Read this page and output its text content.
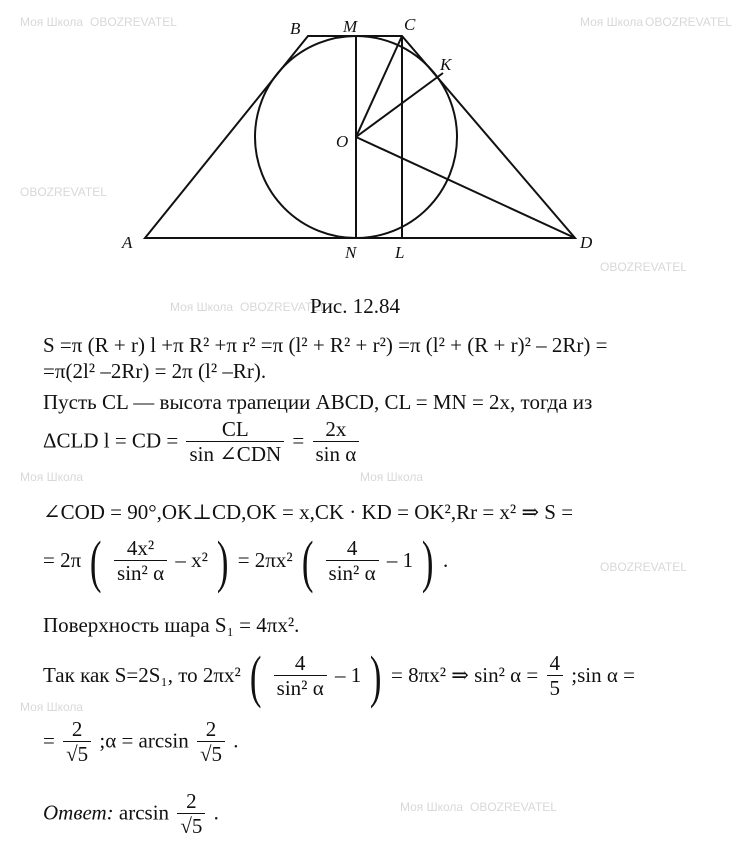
Моя Школа OBOZREVATEL	Моя Школа OBOZREVATEL
OBOZREVATEL
OBOZREVATEL
Моя Школа OBOZREVATEL
Моя Школа	Моя Школа
OBOZREVATEL
Моя Школа
Моя Школа OBOZREVATEL
A
B	M	C
K
O
D
N L
Рис. 12.84
S =π (R + r) l +π R² +π r² =π (l² + R² + r²) =π (l² + (R + r)² – 2Rr) =
=π(2l² –2Rr) = 2π (l² –Rr).
Пусть CL — высота трапеции ABCD, CL = MN = 2x, тогда из
ΔCLD l = CD = $\frac{CL}{\text{sin ∠CDN}} = \frac{2x}{\text{sin α}}$
∠COD = 90°,OK⊥CD,OK = x,CK · KD = OK²,Rr = x² ⇒ S =
= 2π ( $\frac{\text{4x²}}{\text{sin² α}} - x^2$ ) = 2πx² ( $\frac{4}{\text{sin² α}} - 1$ ) .
Поверхность шара S₁ = 4πx².
Так как S=2S₁, то 2πx² ( $\frac{4}{\text{sin² α}} - 1$ ) = 8πx² ⇒ sin² $\alpha = \frac{4}{5}$ ;sin α =
= $\frac{2}{√5}$ ;α = $\arcsin \frac{2}{√5}$ .
Ответ: $\arcsin \frac{2}{√5}$ .
